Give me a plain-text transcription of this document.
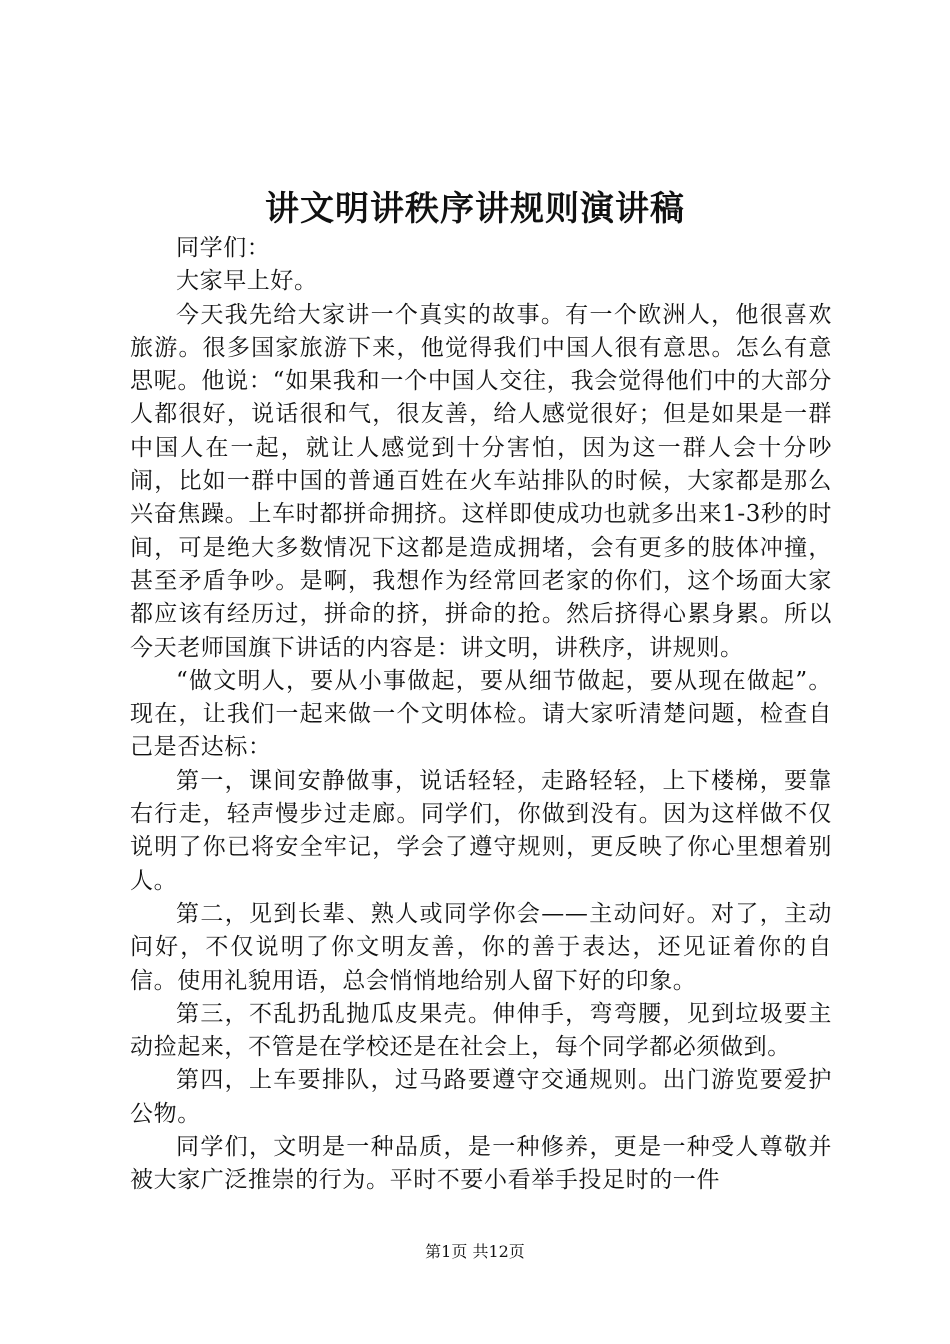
讲文明讲秩序讲规则演讲稿

同学们：

大家早上好。

今天我先给大家讲一个真实的故事。有一个欧洲人，他很喜欢旅游。很多国家旅游下来，他觉得我们中国人很有意思。怎么有意思呢。他说：“如果我和一个中国人交往，我会觉得他们中的大部分人都很好，说话很和气，很友善，给人感觉很好；但是如果是一群中国人在一起，就让人感觉到十分害怕，因为这一群人会十分吵闹，比如一群中国的普通百姓在火车站排队的时候，大家都是那么兴奋焦躁。上车时都拼命拥挤。这样即使成功也就多出来1-3秒的时间，可是绝大多数情况下这都是造成拥堵，会有更多的肢体冲撞，甚至矛盾争吵。是啊，我想作为经常回老家的你们，这个场面大家都应该有经历过，拼命的挤，拼命的抢。然后挤得心累身累。所以今天老师国旗下讲话的内容是：讲文明，讲秩序，讲规则。

“做文明人，要从小事做起，要从细节做起，要从现在做起”。现在，让我们一起来做一个文明体检。请大家听清楚问题，检查自己是否达标：

第一，课间安静做事，说话轻轻，走路轻轻，上下楼梯，要靠右行走，轻声慢步过走廊。同学们，你做到没有。因为这样做不仅说明了你已将安全牢记，学会了遵守规则，更反映了你心里想着别人。

第二，见到长辈、熟人或同学你会——主动问好。对了，主动问好，不仅说明了你文明友善，你的善于表达，还见证着你的自信。使用礼貌用语，总会悄悄地给别人留下好的印象。

第三，不乱扔乱抛瓜皮果壳。伸伸手，弯弯腰，见到垃圾要主动捡起来，不管是在学校还是在社会上，每个同学都必须做到。

第四，上车要排队，过马路要遵守交通规则。出门游览要爱护公物。

同学们，文明是一种品质，是一种修养，更是一种受人尊敬并被大家广泛推崇的行为。平时不要小看举手投足时的一件

第1页 共12页
